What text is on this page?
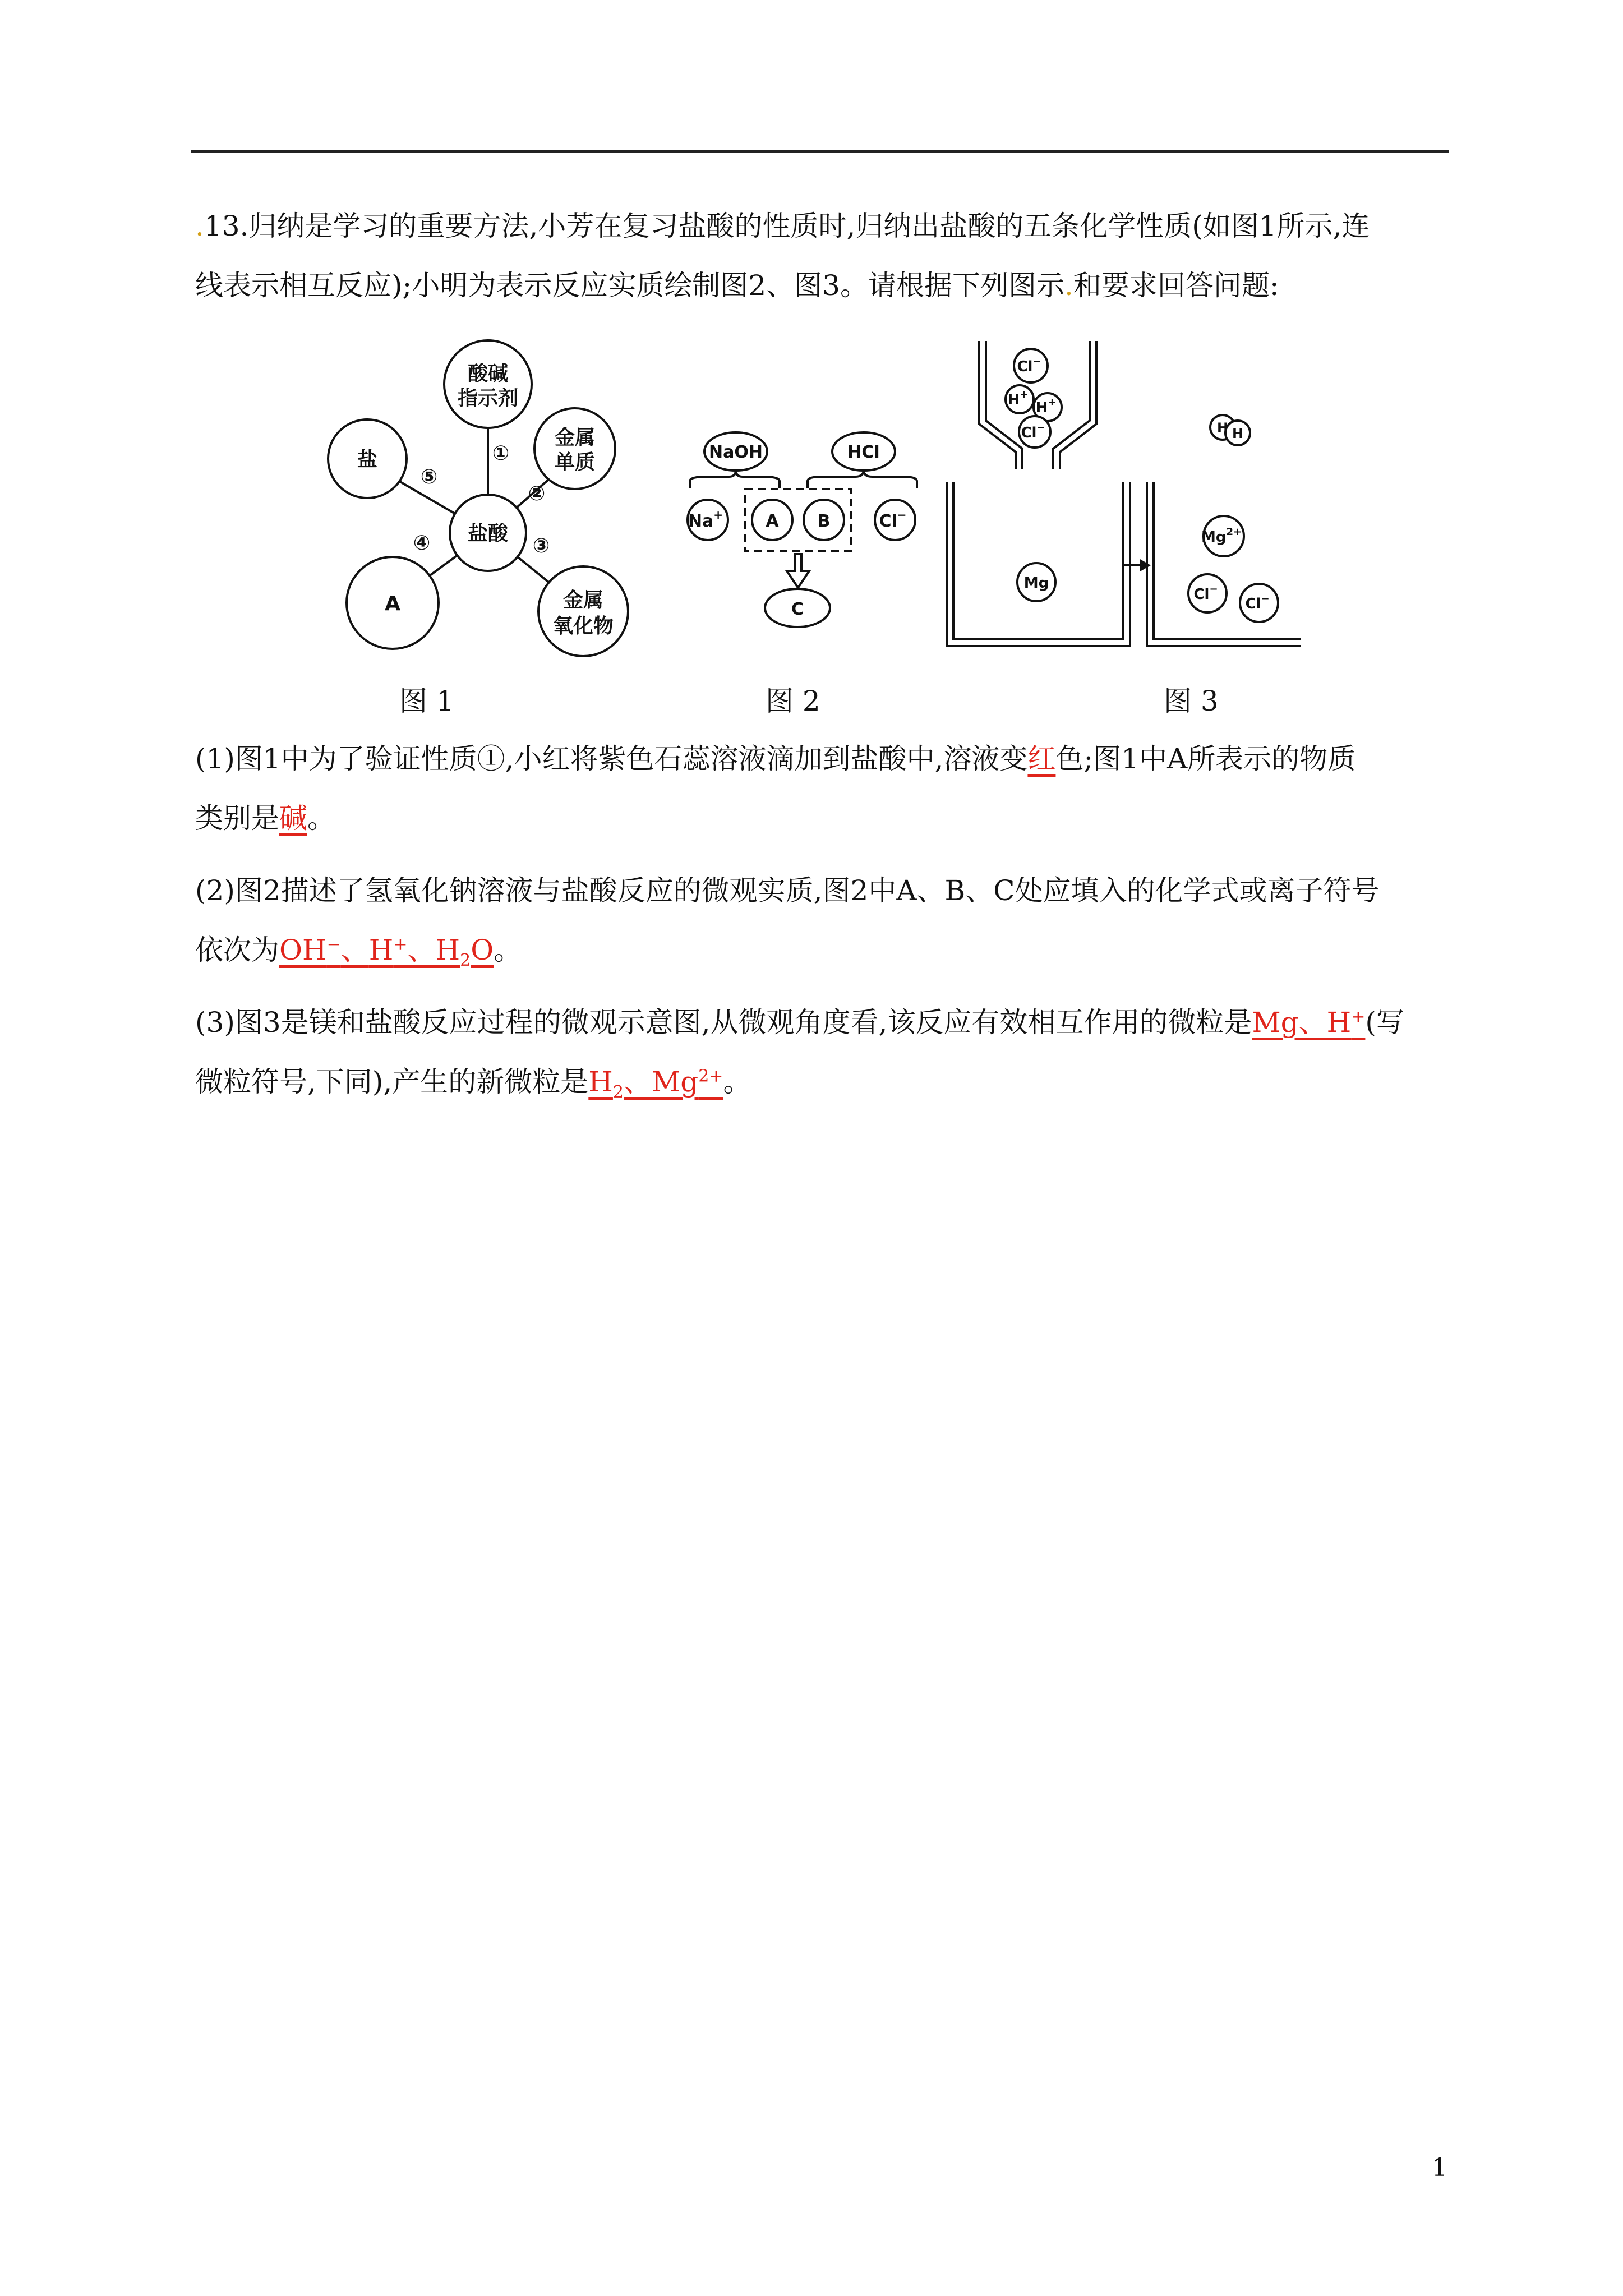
.13.归纳是学习的重要方法,小芳在复习盐酸的性质时,归纳出盐酸的五条化学性质(如图1所示,连
线表示相互反应);小明为表示反应实质绘制图2、图3。请根据下列图示.和要求回答问题:
盐酸
酸碱
指示剂
金属
单质
金属
氧化物
A
盐	①
②
③
④
⑤
NaOH	HCl
Na+	A B	Cl−
C
Cl−
H+
H+
Cl−
Mg
$Mg^{2+}$
Cl−
Cl−
H H
图 1	图 2	图 3
(1)图1中为了验证性质①,小红将紫色石蕊溶液滴加到盐酸中,溶液变红色;图1中A所表示的物质
类别是碱。
(2)图2描述了氢氧化钠溶液与盐酸反应的微观实质,图2中A、B、C处应填入的化学式或离子符号
依次为OH−、H+、$H_2O$。
(3)图3是镁和盐酸反应过程的微观示意图,从微观角度看,该反应有效相互作用的微粒是Mg、H+(写
微粒符号,下同),产生的新微粒是$H_2$、$Mg^{2+}$。
1
